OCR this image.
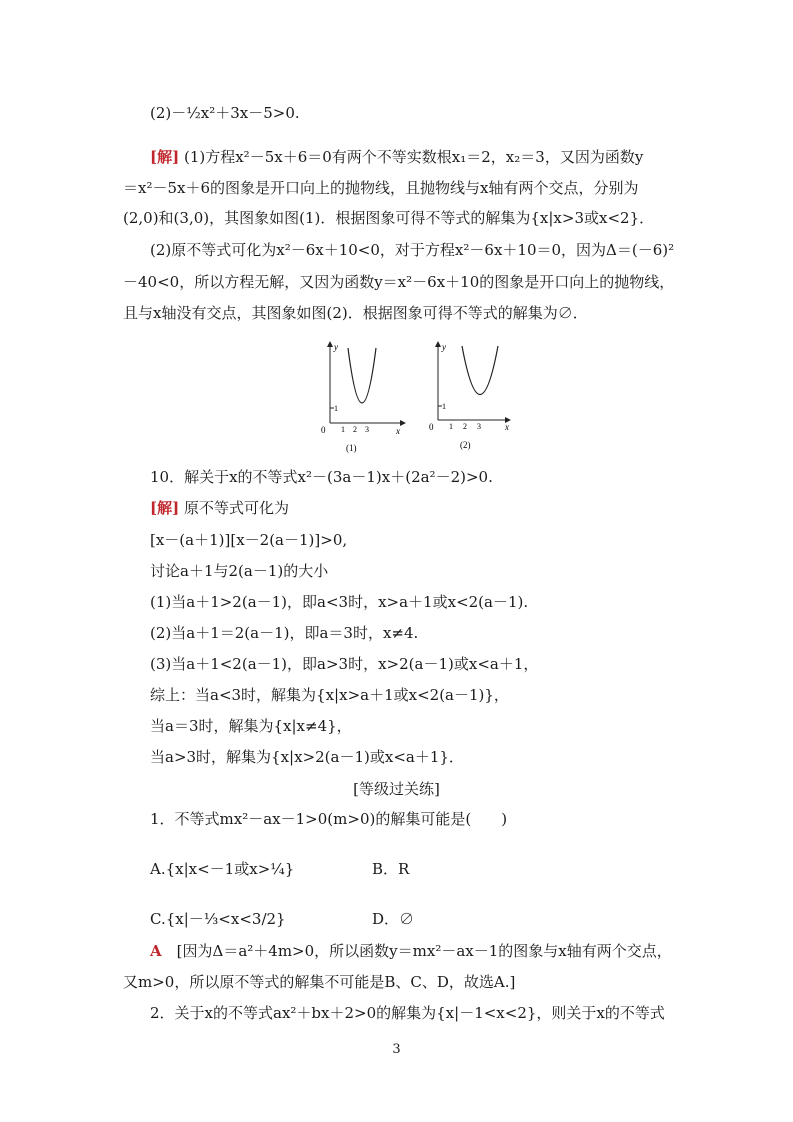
(2)－½x²＋3x－5>0.
[解] (1)方程x²－5x＋6＝0有两个不等实数根x₁＝2，x₂＝3，又因为函数y
＝x²－5x＋6的图象是开口向上的抛物线，且抛物线与x轴有两个交点，分别为
(2,0)和(3,0)，其图象如图(1)．根据图象可得不等式的解集为{x|x>3或x<2}．
(2)原不等式可化为x²－6x＋10<0，对于方程x²－6x＋10＝0，因为Δ＝(－6)²
－40<0，所以方程无解，又因为函数y＝x²－6x＋10的图象是开口向上的抛物线，
且与x轴没有交点，其图象如图(2)．根据图象可得不等式的解集为∅．
y
x
0
1
1 2 3
(1)
y
x
0
1
1 2 3
(2)
10．解关于x的不等式x²－(3a－1)x＋(2a²－2)>0.
[解] 原不等式可化为
[x－(a＋1)][x－2(a－1)]>0,
讨论a＋1与2(a－1)的大小
(1)当a＋1>2(a－1)，即a<3时，x>a＋1或x<2(a－1).
(2)当a＋1＝2(a－1)，即a＝3时，x≠4.
(3)当a＋1<2(a－1)，即a>3时，x>2(a－1)或x<a＋1，
综上：当a<3时，解集为{x|x>a＋1或x<2(a－1)}，
当a＝3时，解集为{x|x≠4}，
当a>3时，解集为{x|x>2(a－1)或x<a＋1}．
[等级过关练]
1．不等式mx²－ax－1>0(m>0)的解集可能是(　　)
A.{x|x<－1或x>¼}	B．R
C.{x|－⅓<x<3/2}	D．∅
A　[因为Δ＝a²＋4m>0，所以函数y＝mx²－ax－1的图象与x轴有两个交点，
又m>0，所以原不等式的解集不可能是B、C、D，故选A.]
2．关于x的不等式ax²＋bx＋2>0的解集为{x|－1<x<2}，则关于x的不等式
3
